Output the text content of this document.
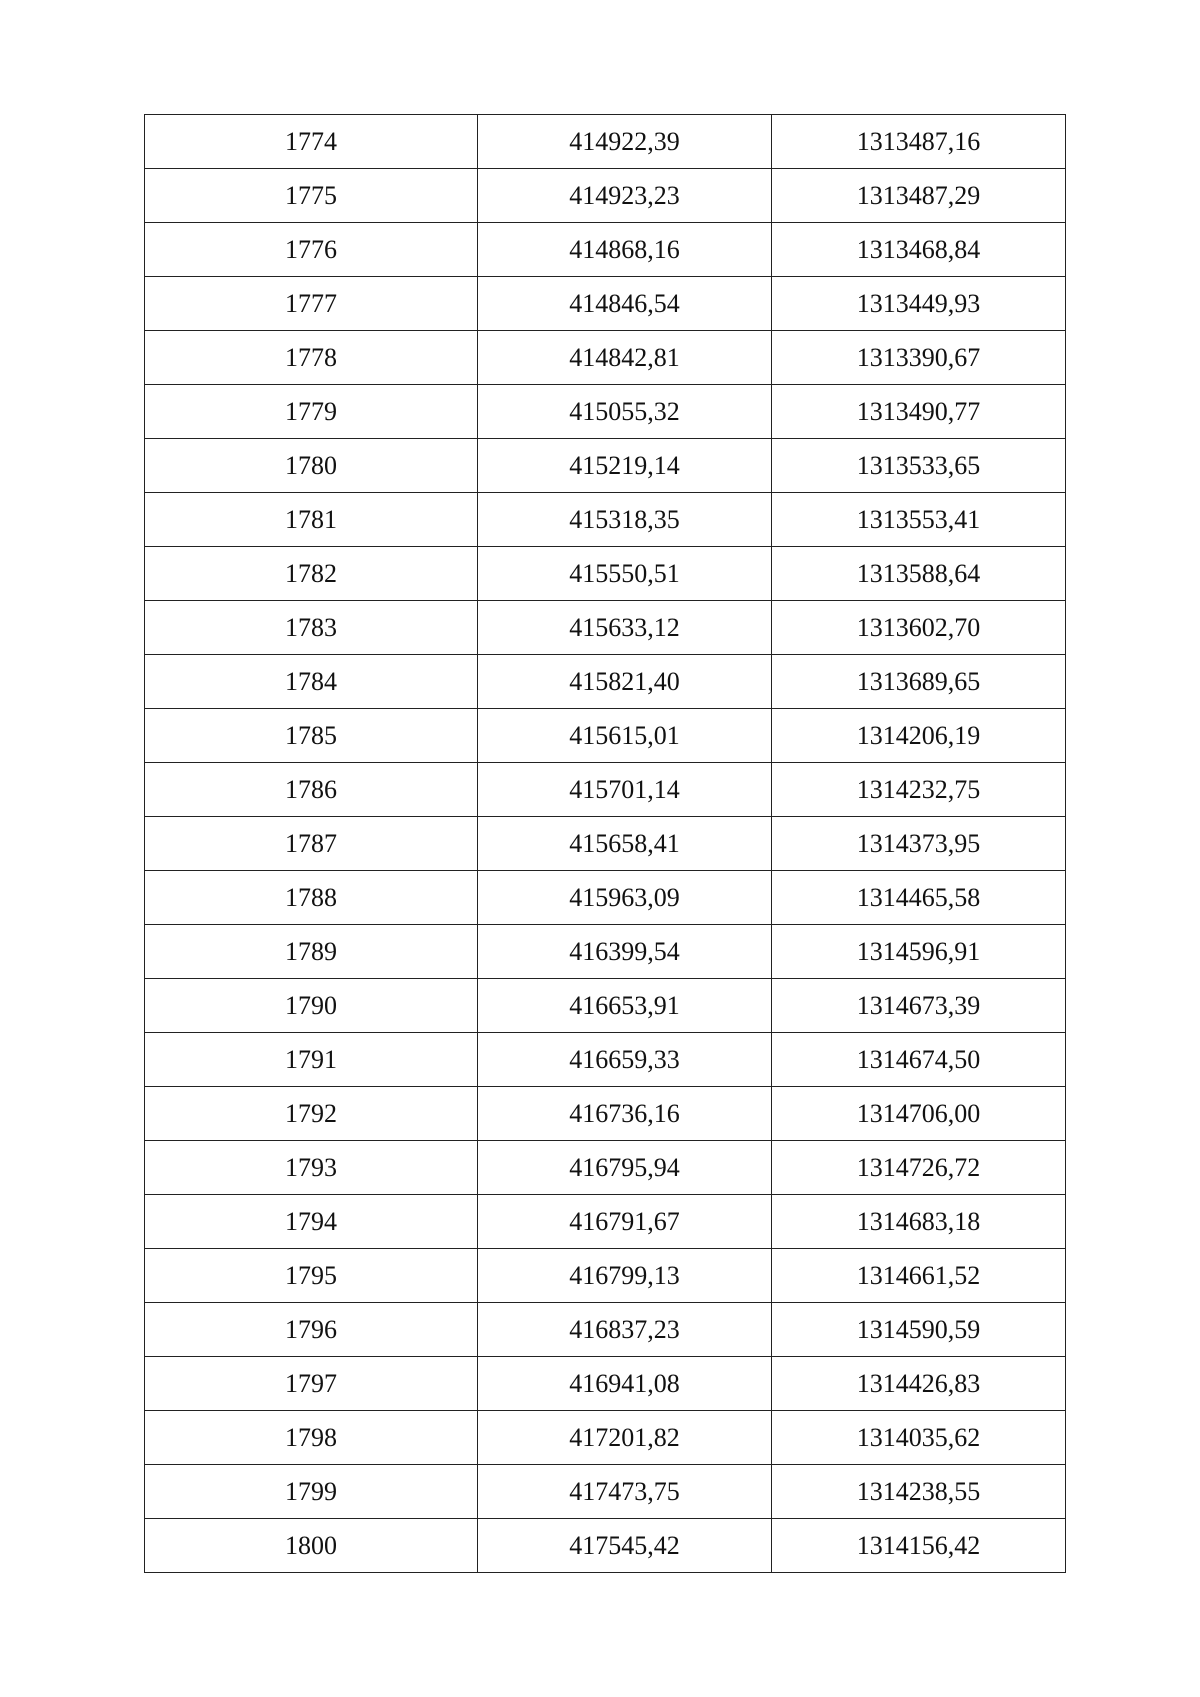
1774	414922,39	1313487,16
1775	414923,23	1313487,29
1776	414868,16	1313468,84
1777	414846,54	1313449,93
1778	414842,81	1313390,67
1779	415055,32	1313490,77
1780	415219,14	1313533,65
1781	415318,35	1313553,41
1782	415550,51	1313588,64
1783	415633,12	1313602,70
1784	415821,40	1313689,65
1785	415615,01	1314206,19
1786	415701,14	1314232,75
1787	415658,41	1314373,95
1788	415963,09	1314465,58
1789	416399,54	1314596,91
1790	416653,91	1314673,39
1791	416659,33	1314674,50
1792	416736,16	1314706,00
1793	416795,94	1314726,72
1794	416791,67	1314683,18
1795	416799,13	1314661,52
1796	416837,23	1314590,59
1797	416941,08	1314426,83
1798	417201,82	1314035,62
1799	417473,75	1314238,55
1800	417545,42	1314156,42
